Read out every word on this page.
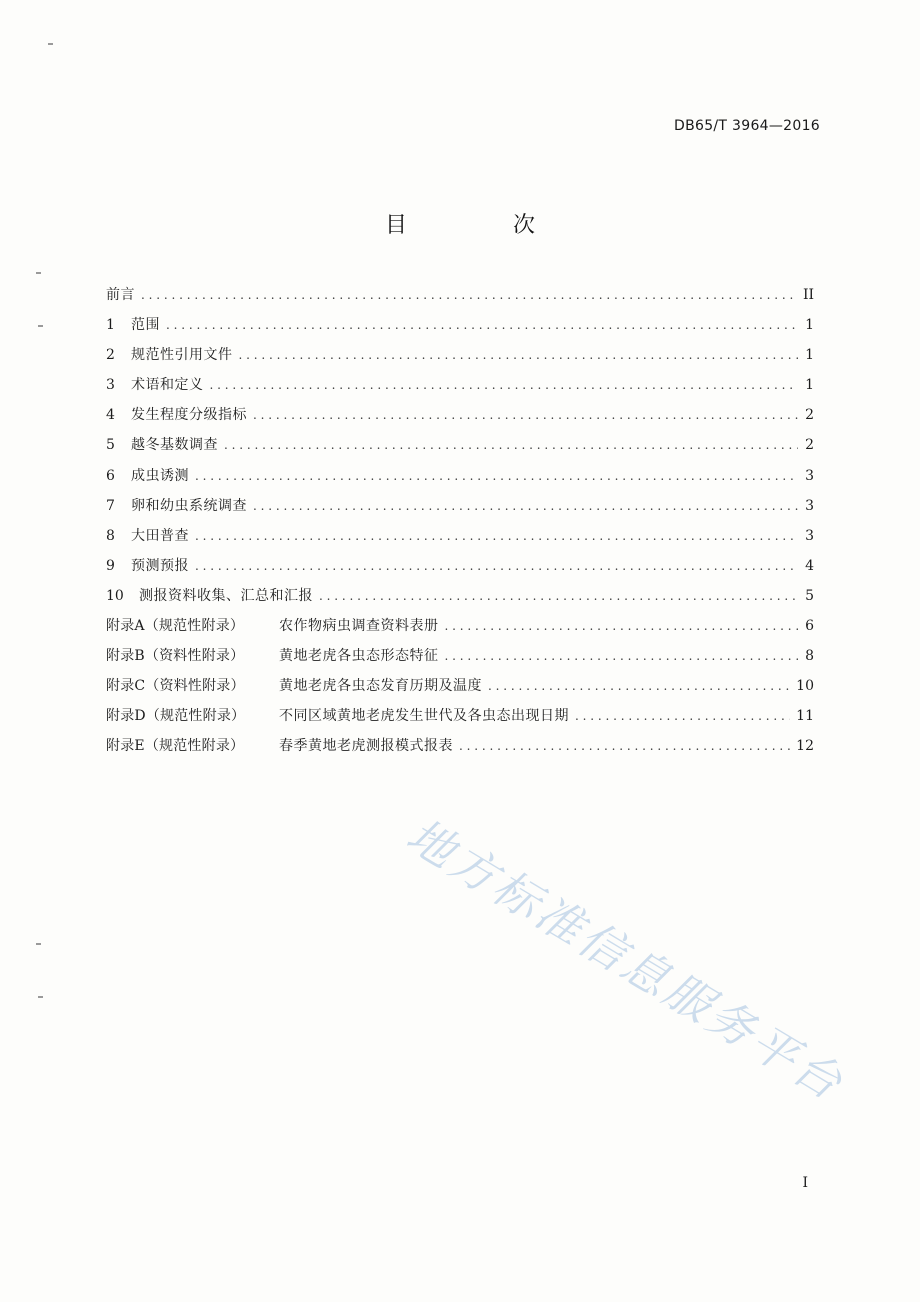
DB65/T 3964—2016
目　次
前言 . . .	II
1	范围 . . .	1
2	规范性引用文件 . . .	1
3	术语和定义 . . .	1
4	发生程度分级指标 . . .	2
5	越冬基数调查 . . .	2
6	成虫诱测 . . .	3
7	卵和幼虫系统调查 . . .	3
8	大田普查 . . .	3
9	预测预报 . . .	4
10	测报资料收集、汇总和汇报 . . .	5
附录A（规范性附录）	农作物病虫调查资料表册 . . .	6
附录B（资料性附录）	黄地老虎各虫态形态特征 . . .	8
附录C（资料性附录）	黄地老虎各虫态发育历期及温度 . . .	10
附录D（规范性附录）	不同区域黄地老虎发生世代及各虫态出现日期 . . .	11
附录E（规范性附录）	春季黄地老虎测报模式报表 . . .	12
地方标准信息服务平台
I
